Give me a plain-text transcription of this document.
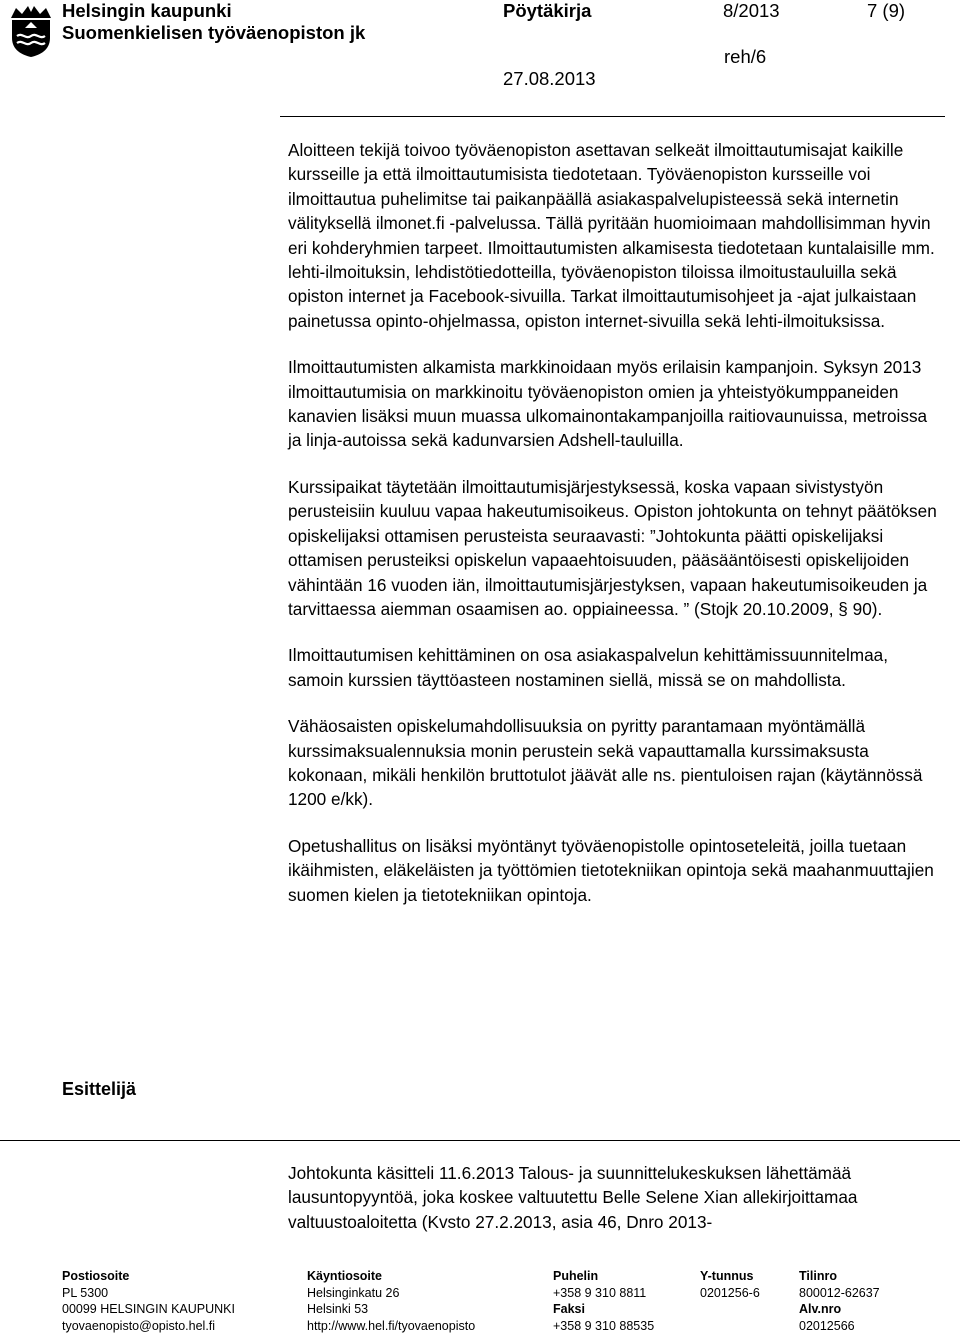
Helsingin kaupunki
Suomenkielisen työväenopiston jk
Pöytäkirja	8/2013	7 (9)
reh/6
27.08.2013

Aloitteen tekijä toivoo työväenopiston asettavan selkeät ilmoittautumisajat kaikille kursseille ja että ilmoittautumisista tiedotetaan. Työväenopiston kursseille voi ilmoittautua puhelimitse tai paikanpäällä asiakaspalvelupisteessä sekä internetin välityksellä ilmonet.fi -palvelussa. Tällä pyritään huomioimaan mahdollisimman hyvin eri kohderyhmien tarpeet. Ilmoittautumisten alkamisesta tiedotetaan kuntalaisille mm. lehti-ilmoituksin, lehdistötiedotteilla, työväenopiston tiloissa ilmoitustauluilla sekä opiston internet ja Facebook-sivuilla. Tarkat ilmoittautumisohjeet ja -ajat julkaistaan painetussa opinto-ohjelmassa, opiston internet-sivuilla sekä lehti-ilmoituksissa.

Ilmoittautumisten alkamista markkinoidaan myös erilaisin kampanjoin. Syksyn 2013 ilmoittautumisia on markkinoitu työväenopiston omien ja yhteistyökumppaneiden kanavien lisäksi muun muassa ulkomainontakampanjoilla raitiovaunuissa, metroissa ja linja-autoissa sekä kadunvarsien Adshell-tauluilla.

Kurssipaikat täytetään ilmoittautumisjärjestyksessä, koska vapaan sivistystyön perusteisiin kuuluu vapaa hakeutumisoikeus. Opiston johtokunta on tehnyt päätöksen opiskelijaksi ottamisen perusteista seuraavasti: ”Johtokunta päätti opiskelijaksi ottamisen perusteiksi opiskelun vapaaehtoisuuden, pääsääntöisesti opiskelijoiden vähintään 16 vuoden iän, ilmoittautumisjärjestyksen, vapaan hakeutumisoikeuden ja tarvittaessa aiemman osaamisen ao. oppiaineessa. ” (Stojk 20.10.2009, § 90).

Ilmoittautumisen kehittäminen on osa asiakaspalvelun kehittämissuunnitelmaa, samoin kurssien täyttöasteen nostaminen siellä, missä se on mahdollista.

Vähäosaisten opiskelumahdollisuuksia on pyritty parantamaan myöntämällä kurssimaksualennuksia monin perustein sekä vapauttamalla kurssimaksusta kokonaan, mikäli henkilön bruttotulot jäävät alle ns. pientuloisen rajan (käytännössä 1200 e/kk).

Opetushallitus on lisäksi myöntänyt työväenopistolle opintoseteleitä, joilla tuetaan ikäihmisten, eläkeläisten ja työttömien tietotekniikan opintoja sekä maahanmuuttajien suomen kielen ja tietotekniikan opintoja.

Esittelijä

Johtokunta käsitteli 11.6.2013 Talous- ja suunnittelukeskuksen lähettämää lausuntopyyntöä, joka koskee valtuutettu Belle Selene Xian allekirjoittamaa valtuustoaloitetta (Kvsto 27.2.2013, asia 46, Dnro 2013-

Postiosoite
PL 5300
00099 HELSINGIN KAUPUNKI
tyovaenopisto@opisto.hel.fi
Käyntiosoite
Helsinginkatu 26
Helsinki 53
http://www.hel.fi/tyovaenopisto
Puhelin
+358 9 310 8811
Faksi
+358 9 310 88535
Y-tunnus
0201256-6
Tilinro
800012-62637
Alv.nro
02012566
